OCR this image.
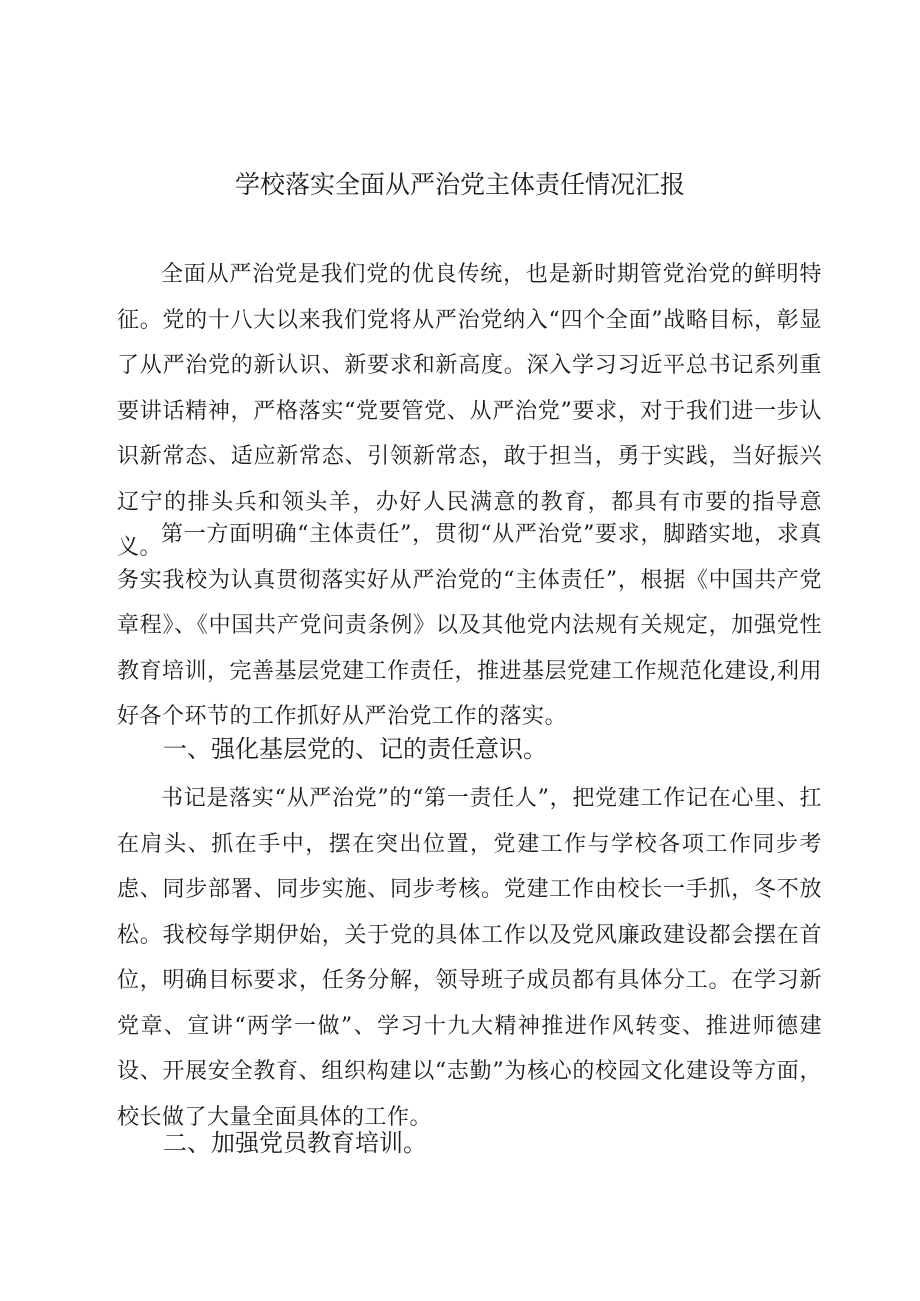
学校落实全面从严治党主体责任情况汇报

全面从严治党是我们党的优良传统，也是新时期管党治党的鲜明特征。党的十八大以来我们党将从严治党纳入“四个全面”战略目标，彰显了从严治党的新认识、新要求和新高度。深入学习习近平总书记系列重要讲话精神，严格落实“党要管党、从严治党”要求，对于我们进一步认识新常态、适应新常态、引领新常态，敢于担当，勇于实践，当好振兴辽宁的排头兵和领头羊，办好人民满意的教育，都具有市要的指导意义。

第一方面明确“主体责任”，贯彻“从严治党”要求，脚踏实地，求真务实我校为认真贯彻落实好从严治党的“主体责任”，根据《中国共产党章程》、《中国共产党问责条例》以及其他党内法规有关规定，加强党性教育培训，完善基层党建工作责任，推进基层党建工作规范化建设,利用好各个环节的工作抓好从严治党工作的落实。

一、强化基层党的、记的责任意识。

书记是落实“从严治党”的“第一责任人”，把党建工作记在心里、扛在肩头、抓在手中，摆在突出位置，党建工作与学校各项工作同步考虑、同步部署、同步实施、同步考核。党建工作由校长一手抓，冬不放松。我校每学期伊始，关于党的具体工作以及党风廉政建设都会摆在首位，明确目标要求，任务分解，领导班子成员都有具体分工。在学习新党章、宣讲“两学一做”、学习十九大精神推进作风转变、推进师德建设、开展安全教育、组织构建以“志勤”为核心的校园文化建设等方面，校长做了大量全面具体的工作。

二、加强党员教育培训。
